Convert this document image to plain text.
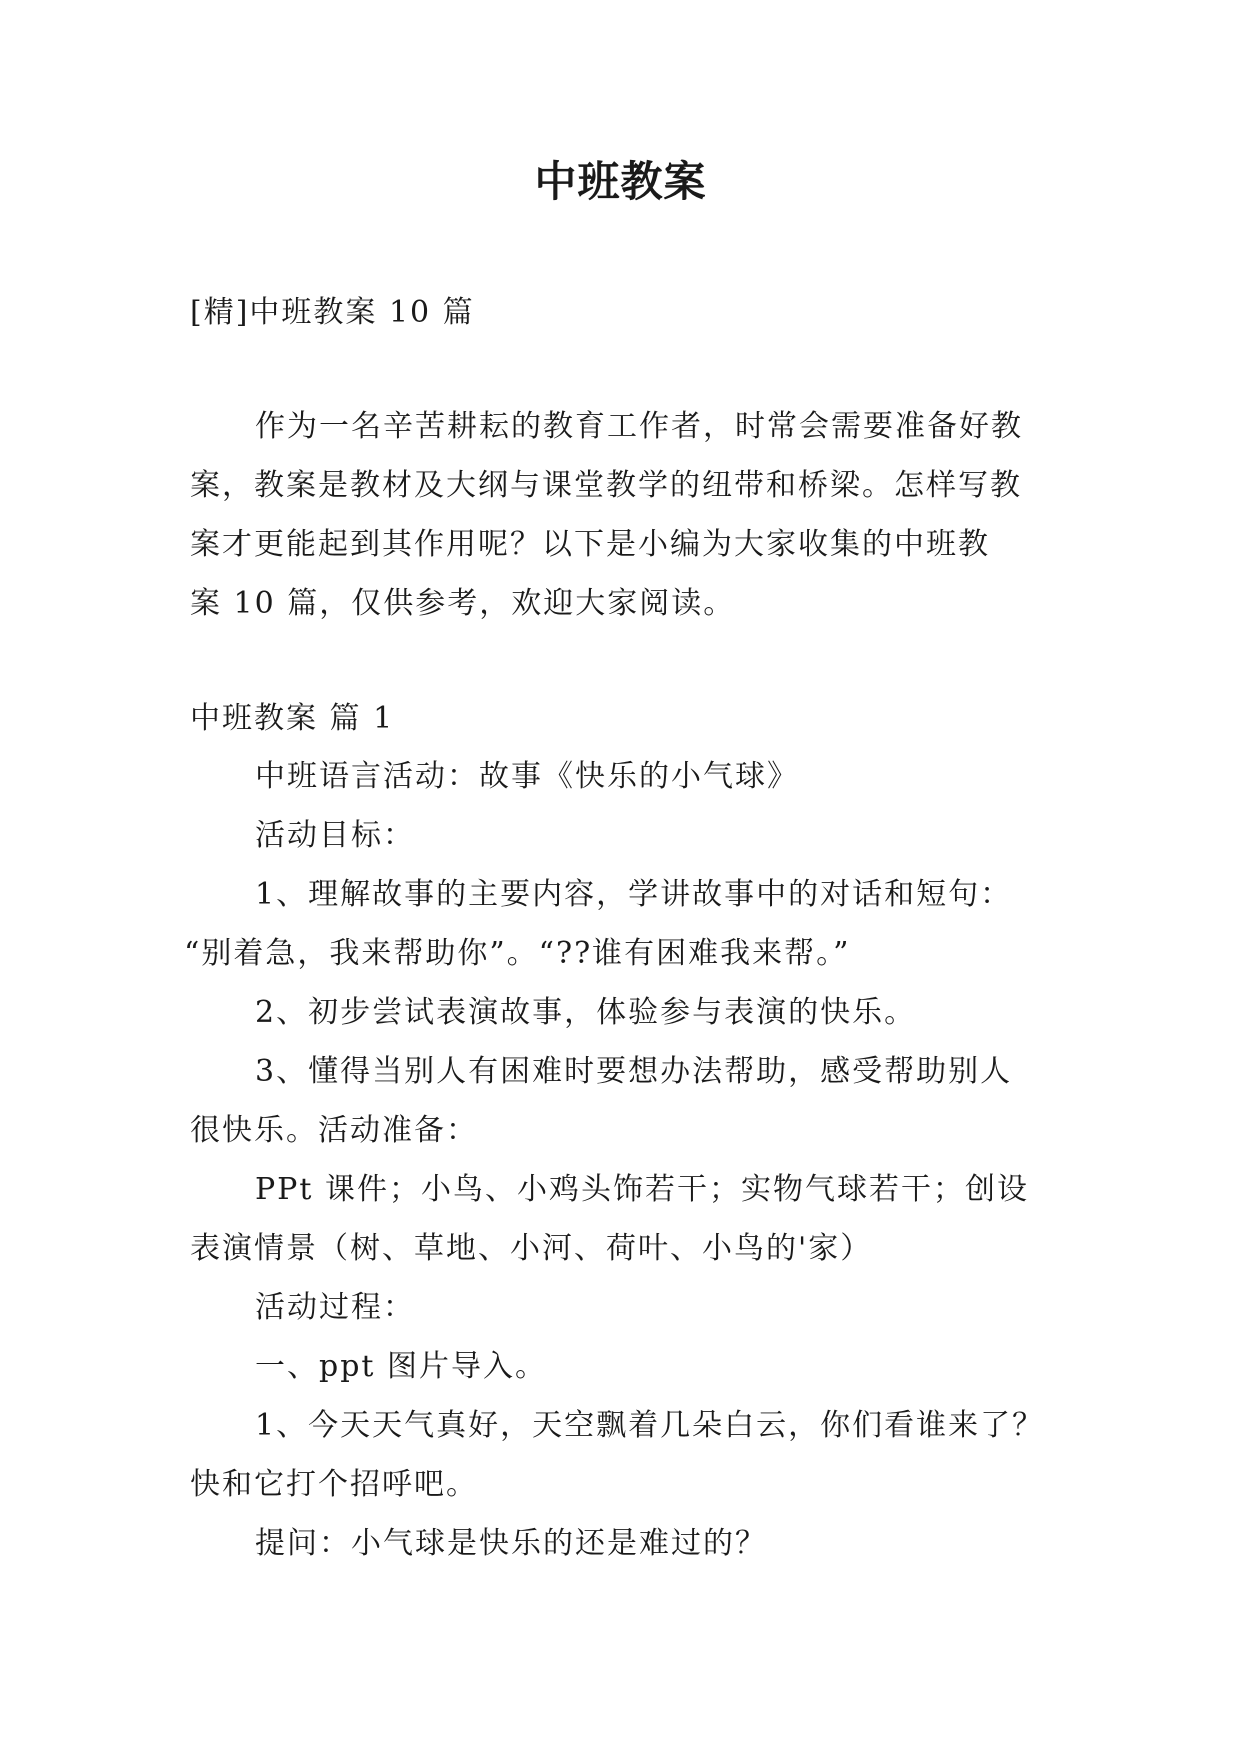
中班教案
[精]中班教案 10 篇
作为一名辛苦耕耘的教育工作者，时常会需要准备好教
案，教案是教材及大纲与课堂教学的纽带和桥梁。怎样写教
案才更能起到其作用呢？以下是小编为大家收集的中班教
案 10 篇，仅供参考，欢迎大家阅读。
中班教案 篇 1
中班语言活动：故事《快乐的小气球》
活动目标：
1、理解故事的主要内容，学讲故事中的对话和短句：
“别着急，我来帮助你”。“??谁有困难我来帮。”
2、初步尝试表演故事，体验参与表演的快乐。
3、懂得当别人有困难时要想办法帮助，感受帮助别人
很快乐。活动准备：
PPt 课件；小鸟、小鸡头饰若干；实物气球若干；创设
表演情景（树、草地、小河、荷叶、小鸟的'家）
活动过程：
一、ppt 图片导入。
1、今天天气真好，天空飘着几朵白云，你们看谁来了？
快和它打个招呼吧。
提问：小气球是快乐的还是难过的？
